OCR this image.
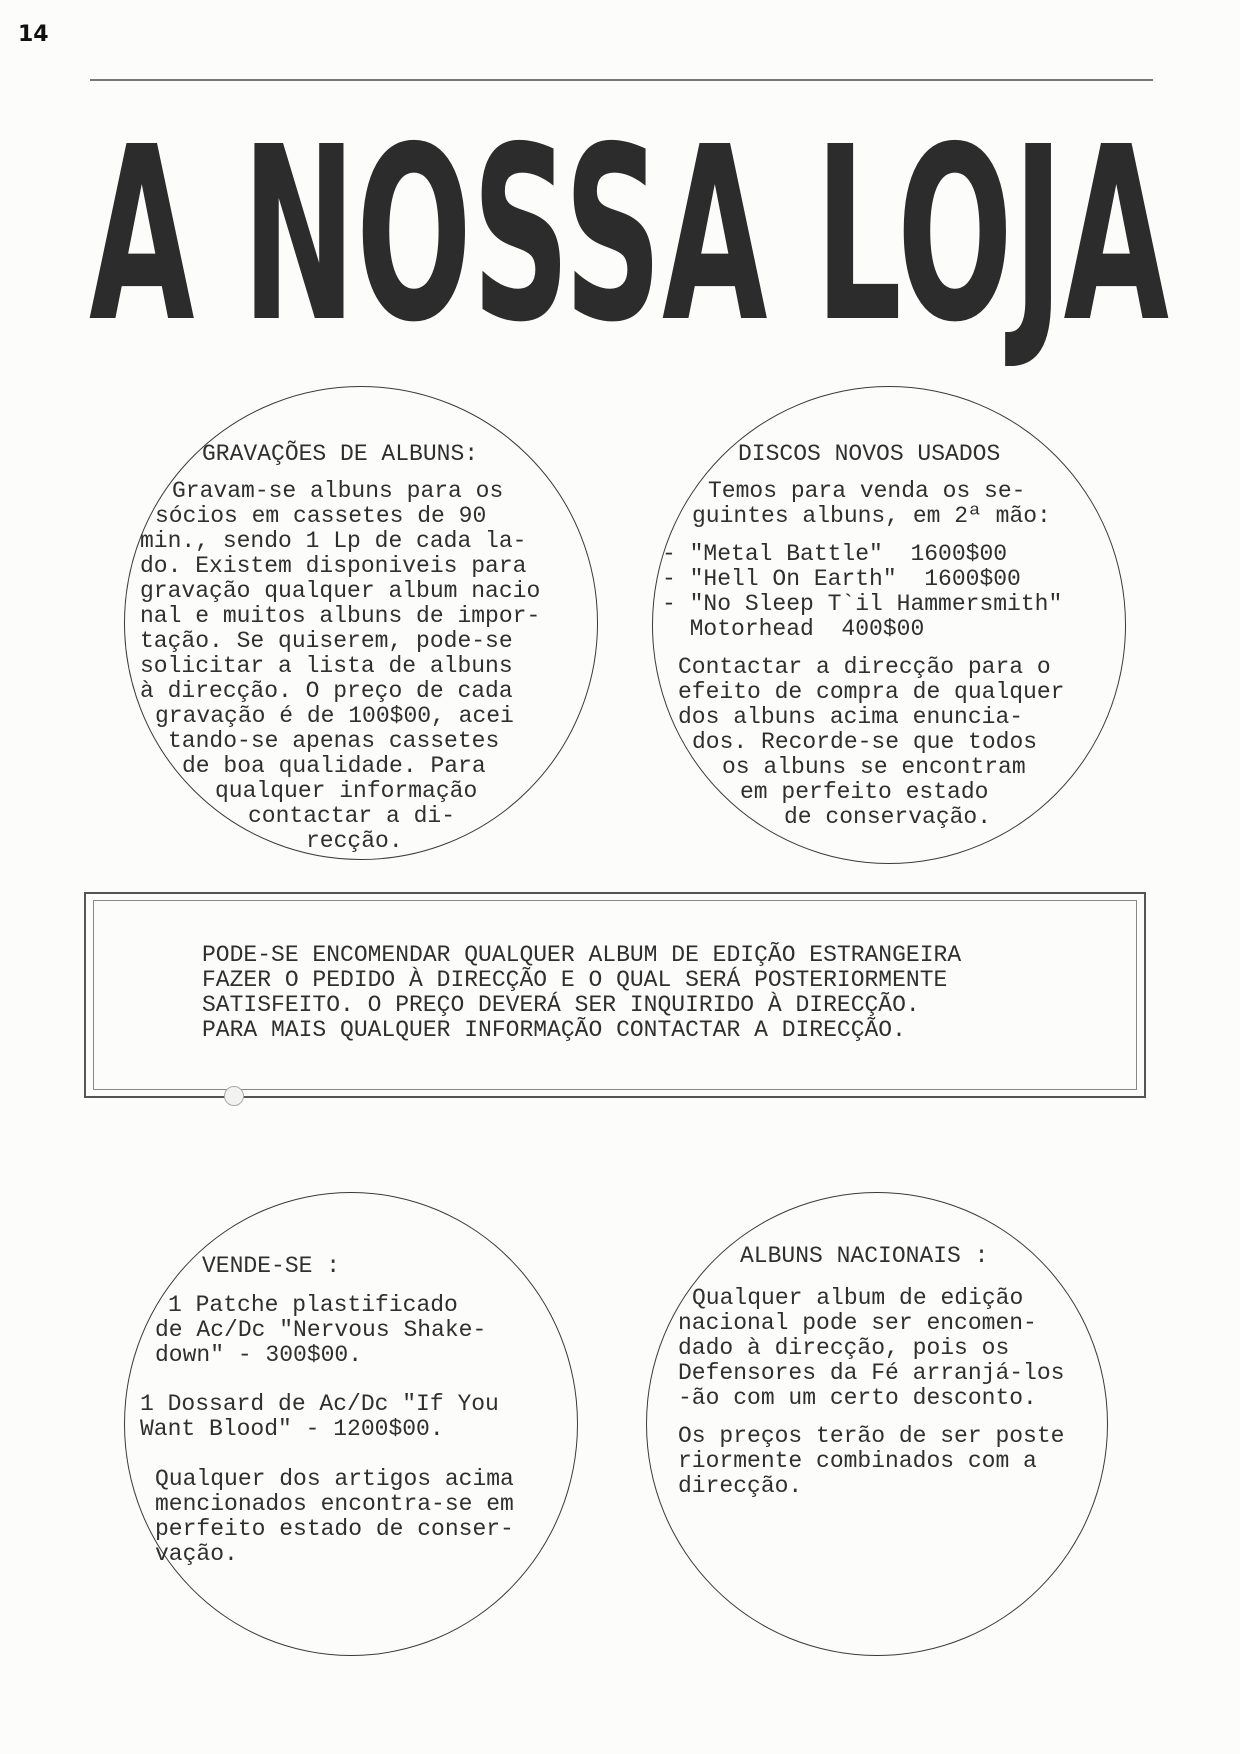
14
A NOSSA LOJA
GRAVAÇÕES DE ALBUNS:
Gravam-se albuns para os
sócios em cassetes de 90
min., sendo 1 Lp de cada la-
do. Existem disponiveis para
gravação qualquer album nacio
nal e muitos albuns de impor-
tação. Se quiserem, pode-se
solicitar a lista de albuns
à direcção. O preço de cada
gravação é de 100$00, acei
tando-se apenas cassetes
de boa qualidade. Para
qualquer informação
contactar a di-
recção.
DISCOS NOVOS USADOS
Temos para venda os se-
guintes albuns, em 2ª mão:
- "Metal Battle"  1600$00
- "Hell On Earth"  1600$00
- "No Sleep T`il Hammersmith"
Motorhead  400$00
Contactar a direcção para o
efeito de compra de qualquer
dos albuns acima enuncia-
dos. Recorde-se que todos
os albuns se encontram
em perfeito estado
de conservação.
PODE-SE ENCOMENDAR QUALQUER ALBUM DE EDIÇÃO ESTRANGEIRA
FAZER O PEDIDO À DIRECÇÃO E O QUAL SERÁ POSTERIORMENTE
SATISFEITO. O PREÇO DEVERÁ SER INQUIRIDO À DIRECÇÃO.
PARA MAIS QUALQUER INFORMAÇÃO CONTACTAR A DIRECÇÃO.
VENDE-SE :
1 Patche plastificado
de Ac/Dc "Nervous Shake-
down" - 300$00.
1 Dossard de Ac/Dc "If You
Want Blood" - 1200$00.
Qualquer dos artigos acima
mencionados encontra-se em
perfeito estado de conser-
vação.
ALBUNS NACIONAIS :
Qualquer album de edição
nacional pode ser encomen-
dado à direcção, pois os
Defensores da Fé arranjá-los
-ão com um certo desconto.
Os preços terão de ser poste
riormente combinados com a
direcção.
